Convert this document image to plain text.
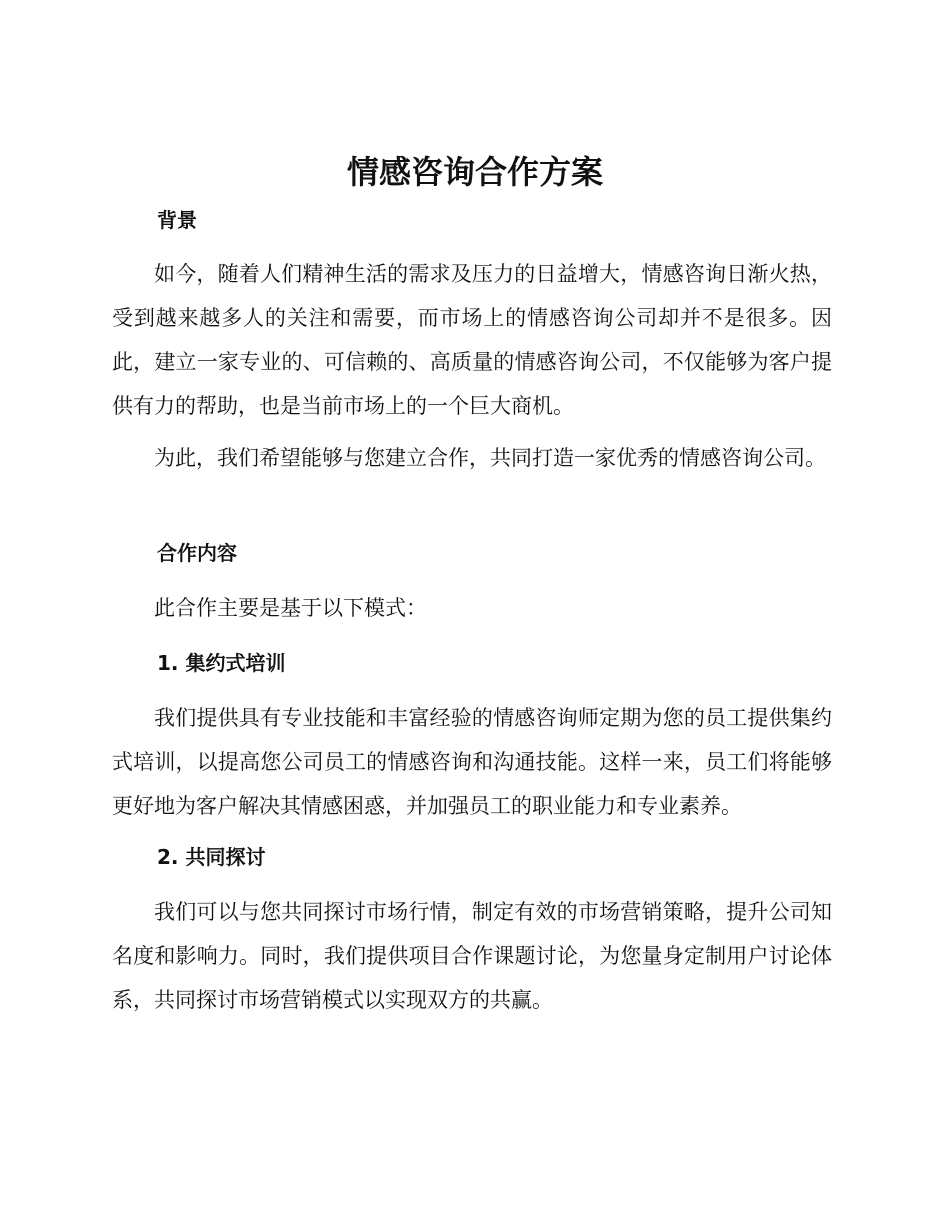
情感咨询合作方案
背景

如今，随着人们精神生活的需求及压力的日益增大，情感咨询日渐火热，受到越来越多人的关注和需要，而市场上的情感咨询公司却并不是很多。因此，建立一家专业的、可信赖的、高质量的情感咨询公司，不仅能够为客户提供有力的帮助，也是当前市场上的一个巨大商机。

为此，我们希望能够与您建立合作，共同打造一家优秀的情感咨询公司。

合作内容

此合作主要是基于以下模式：

1. 集约式培训

我们提供具有专业技能和丰富经验的情感咨询师定期为您的员工提供集约式培训，以提高您公司员工的情感咨询和沟通技能。这样一来，员工们将能够更好地为客户解决其情感困惑，并加强员工的职业能力和专业素养。

2. 共同探讨

我们可以与您共同探讨市场行情，制定有效的市场营销策略，提升公司知名度和影响力。同时，我们提供项目合作课题讨论，为您量身定制用户讨论体系，共同探讨市场营销模式以实现双方的共赢。
